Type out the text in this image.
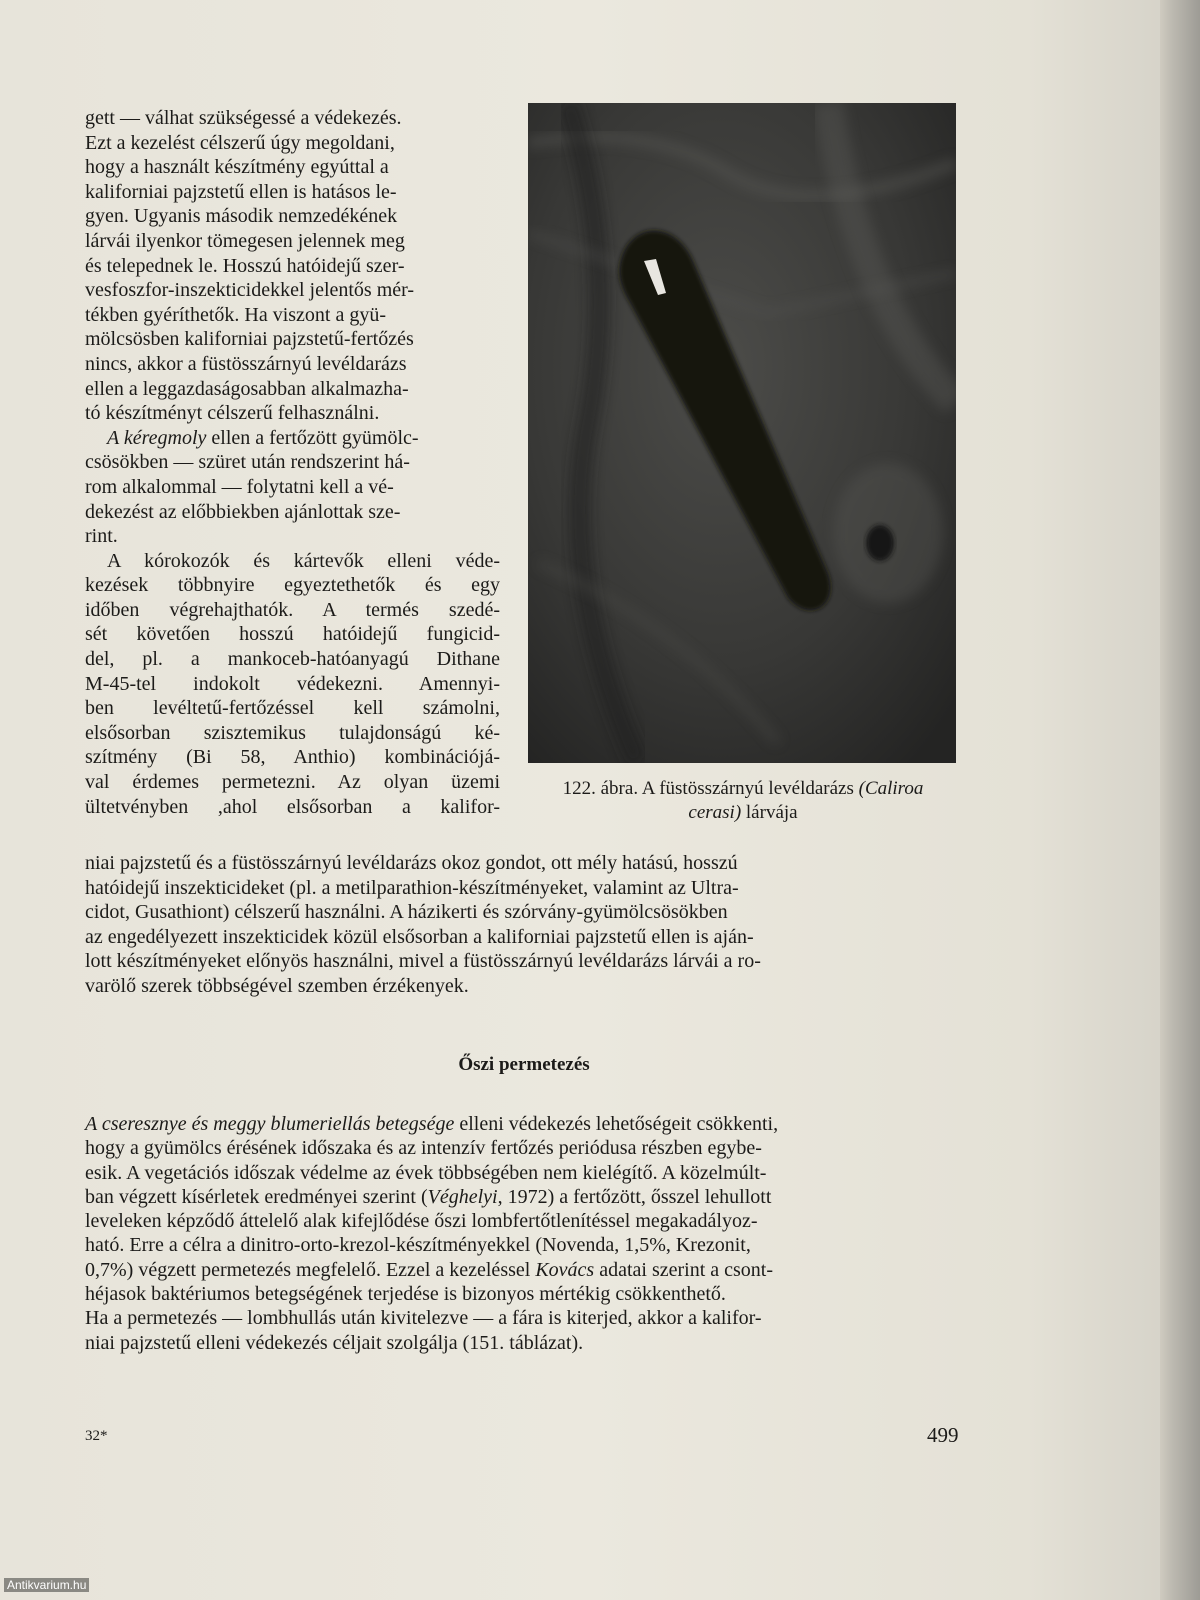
gett — válhat szükségessé a védekezés.
Ezt a kezelést célszerű úgy megoldani,
hogy a használt készítmény egyúttal a
kaliforniai pajzstetű ellen is hatásos le-
gyen. Ugyanis második nemzedékének
lárvái ilyenkor tömegesen jelennek meg
és telepednek le. Hosszú hatóidejű szer-
vesfoszfor-inszekticidekkel jelentős mér-
tékben gyéríthetők. Ha viszont a gyü-
mölcsösben kaliforniai pajzstetű-fertőzés
nincs, akkor a füstösszárnyú levéldarázs
ellen a leggazdaságosabban alkalmazha-
tó készítményt célszerű felhasználni.

A kéregmoly ellen a fertőzött gyümölc-
csösökben — szüret után rendszerint há-
rom alkalommal — folytatni kell a vé-
dekezést az előbbiekben ajánlottak sze-
rint.

A kórokozók és kártevők elleni véde-
kezések többnyire egyeztethetők és egy
időben végrehajthatók. A termés szedé-
sét követően hosszú hatóidejű fungicid-
del, pl. a mankoceb-hatóanyagú Dithane
M-45-tel indokolt védekezni. Amennyi-
ben levéltetű-fertőzéssel kell számolni,
elsősorban szisztemikus tulajdonságú ké-
szítmény (Bi 58, Anthio) kombinációjá-
val érdemes permetezni. Az olyan üzemi
ültetvényben ,ahol elsősorban a kalifor-

122. ábra. A füstösszárnyú levéldarázs (Caliroa

cerasi) lárvája

niai pajzstetű és a füstösszárnyú levéldarázs okoz gondot, ott mély hatású, hosszú
hatóidejű inszekticideket (pl. a metilparathion-készítményeket, valamint az Ultra-
cidot, Gusathiont) célszerű használni. A házikerti és szórvány-gyümölcsösökben
az engedélyezett inszekticidek közül elsősorban a kaliforniai pajzstetű ellen is aján-
lott készítményeket előnyös használni, mivel a füstösszárnyú levéldarázs lárvái a ro-
varölő szerek többségével szemben érzékenyek.

Őszi permetezés

A cseresznye és meggy blumeriellás betegsége elleni védekezés lehetőségeit csökkenti,
hogy a gyümölcs érésének időszaka és az intenzív fertőzés periódusa részben egybe-
esik. A vegetációs időszak védelme az évek többségében nem kielégítő. A közelmúlt-
ban végzett kísérletek eredményei szerint (Véghelyi, 1972) a fertőzött, ősszel lehullott
leveleken képződő áttelelő alak kifejlődése őszi lombfertőtlenítéssel megakadályoz-
ható. Erre a célra a dinitro-orto-krezol-készítményekkel (Novenda, 1,5%, Krezonit,
0,7%) végzett permetezés megfelelő. Ezzel a kezeléssel Kovács adatai szerint a csont-
héjasok baktériumos betegségének terjedése is bizonyos mértékig csökkenthető.
Ha a permetezés — lombhullás után kivitelezve — a fára is kiterjed, akkor a kalifor-
niai pajzstetű elleni védekezés céljait szolgálja (151. táblázat).

32*	499
Antikvarium.hu
